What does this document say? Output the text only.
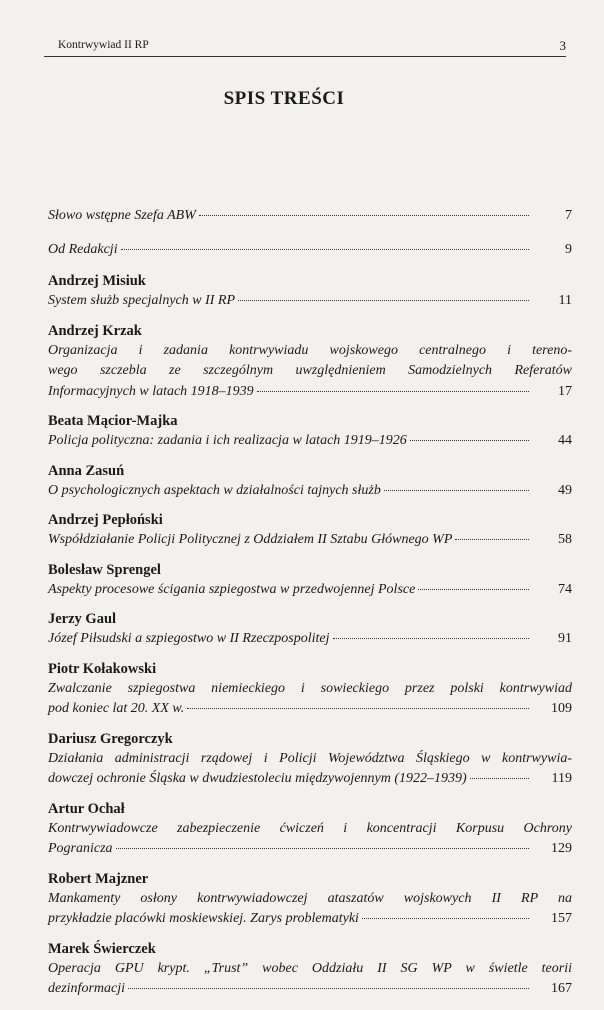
Kontrwywiad II RP	3
SPIS TREŚCI
Słowo wstępne Szefa ABW	7
Od Redakcji	9
Andrzej Misiuk
System służb specjalnych w II RP	11
Andrzej Krzak
Organizacja i zadania kontrwywiadu wojskowego centralnego i tereno-
wego szczebla ze szczególnym uwzględnieniem Samodzielnych Referatów
Informacyjnych w latach 1918–1939	17
Beata Mącior-Majka
Policja polityczna: zadania i ich realizacja w latach 1919–1926	44
Anna Zasuń
O psychologicznych aspektach w działalności tajnych służb	49
Andrzej Pepłoński
Współdziałanie Policji Politycznej z Oddziałem II Sztabu Głównego WP	58
Bolesław Sprengel
Aspekty procesowe ścigania szpiegostwa w przedwojennej Polsce	74
Jerzy Gaul
Józef Piłsudski a szpiegostwo w II Rzeczpospolitej	91
Piotr Kołakowski
Zwalczanie szpiegostwa niemieckiego i sowieckiego przez polski kontrwywiad
pod koniec lat 20. XX w.	109
Dariusz Gregorczyk
Działania administracji rządowej i Policji Województwa Śląskiego w kontrwywia-
dowczej ochronie Śląska w dwudziestoleciu międzywojennym (1922–1939)	119
Artur Ochał
Kontrwywiadowcze zabezpieczenie ćwiczeń i koncentracji Korpusu Ochrony
Pogranicza	129
Robert Majzner
Mankamenty osłony kontrwywiadowczej ataszatów wojskowych II RP na
przykładzie placówki moskiewskiej. Zarys problematyki	157
Marek Świerczek
Operacja GPU krypt. „Trust” wobec Oddziału II SG WP w świetle teorii
dezinformacji	167
